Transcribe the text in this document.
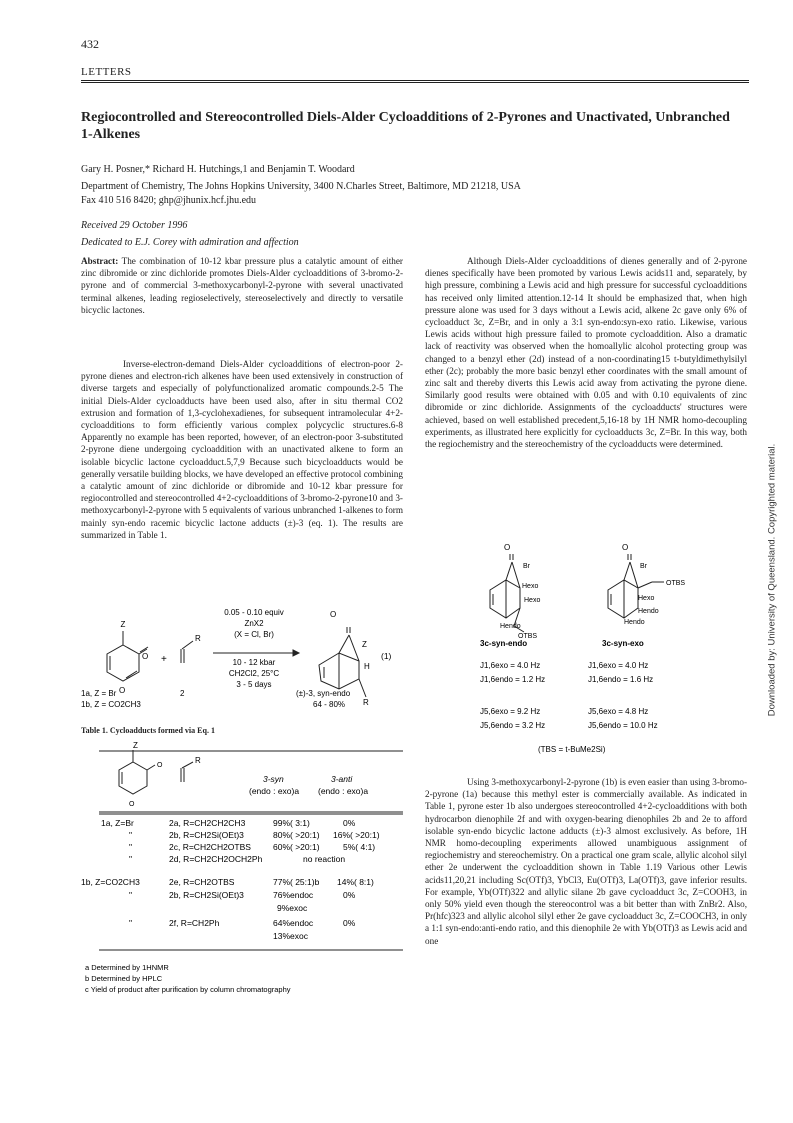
432
LETTERS
Regiocontrolled and Stereocontrolled Diels-Alder Cycloadditions of 2-Pyrones and Unactivated, Unbranched 1-Alkenes
Gary H. Posner,* Richard H. Hutchings,1 and Benjamin T. Woodard
Department of Chemistry, The Johns Hopkins University, 3400 N.Charles Street, Baltimore, MD 21218, USA
Fax 410 516 8420; ghp@jhunix.hcf.jhu.edu
Received 29 October 1996
Dedicated to E.J. Corey with admiration and affection
Abstract: The combination of 10-12 kbar pressure plus a catalytic amount of either zinc dibromide or zinc dichloride promotes Diels-Alder cycloadditions of 3-bromo-2-pyrone and of commercial 3-methoxycarbonyl-2-pyrone with several unactivated terminal alkenes, leading regioselectively, stereoselectively and directly to versatile bicyclic lactones.
Inverse-electron-demand Diels-Alder cycloadditions of electron-poor 2-pyrone dienes and electron-rich alkenes have been used extensively in construction of diverse targets and especially of polyfunctionalized aromatic compounds.2-5 The initial Diels-Alder cycloadducts have been used also, after in situ thermal CO2 extrusion and formation of 1,3-cyclohexadienes, for subsequent intramolecular 4+2-cycloadditions to form efficiently various complex polycyclic structures.6-8 Apparently no example has been reported, however, of an electron-poor 3-substituted 2-pyrone diene undergoing cycloaddition with an unactivated alkene to form an isolable bicyclic lactone cycloadduct.5,7,9 Because such bicycloadducts would be generally versatile building blocks, we have developed an effective protocol combining a catalytic amount of zinc dichloride or dibromide and 10-12 kbar pressure for regiocontrolled and stereocontrolled 4+2-cycloadditions of 3-bromo-2-pyrone10 and 3-methoxycarbonyl-2-pyrone with 5 equivalents of various unbranched 1-alkenes to form mainly syn-endo racemic bicyclic lactone adducts (±)-3 (eq. 1). The results are summarized in Table 1.
Although Diels-Alder cycloadditions of dienes generally and of 2-pyrone dienes specifically have been promoted by various Lewis acids11 and, separately, by high pressure, combining a Lewis acid and high pressure for successful cycloadditions has received only limited attention.12-14 It should be emphasized that, when high pressure alone was used for 3 days without a Lewis acid, alkene 2c gave only 6% of cycloadduct 3c, Z=Br, and in only a 3:1 syn-endo:syn-exo ratio. Likewise, various Lewis acids without high pressure failed to promote cycloaddition. Also a dramatic lack of reactivity was observed when the homoallylic alcohol protecting group was changed to a benzyl ether (2d) instead of a non-coordinating15 t-butyldimethylsilyl ether (2c); probably the more basic benzyl ether coordinates with the small amount of zinc salt and thereby diverts this Lewis acid away from activating the pyrone diene. Similarly good results were obtained with 0.05 and with 0.10 equivalents of zinc dibromide or zinc dichloride. Assignments of the cycloadducts' structures were achieved, based on well established precedent,5,16-18 by 1H NMR homo-decoupling experiments, as illustrated here explicitly for cycloadducts 3c, Z=Br. In this way, both the regiochemistry and the stereochemistry of the cycloadducts were determined.
Using 3-methoxycarbonyl-2-pyrone (1b) is even easier than using 3-bromo-2-pyrone (1a) because this methyl ester is commercially available. As indicated in Table 1, pyrone ester 1b also undergoes stereocontrolled 4+2-cycloadditions with both hydrocarbon dienophile 2f and with oxygen-bearing dienophiles 2b and 2e to afford isolable syn-endo bicyclic lactone adducts (±)-3 almost exclusively. As before, 1H NMR homo-decoupling experiments allowed unambiguous assignment of regiochemistry and stereochemistry. On a practical one gram scale, allylic alcohol silyl ether 2e underwent the cycloaddition shown in Table 1.19 Various other Lewis acids11,20,21 including Sc(OTf)3, YbCl3, Eu(OTf)3, La(OTf)3, gave inferior results. For example, Yb(OTf)322 and allylic silane 2b gave cycloadduct 3c, Z=COOH3, in only 50% yield even though the stereocontrol was a bit better than with ZnBr2. Also, Pr(hfc)323 and allylic alcohol silyl ether 2e gave cycloadduct 3c, Z=COOCH3, in only a 1:1 syn-endo:anti-endo ratio, and this dienophile 2e with Yb(OTf)3 as Lewis acid and one
Z
O
O
+
R
0.05 - 0.10 equiv
ZnX2
(X = Cl, Br)
10 - 12 kbar
CH2Cl2, 25°C
3 - 5 days
O
Z
H
R
(1)
1a, Z = Br
1b, Z = CO2CH3
2	(±)-3, syn-endo
64 - 80%
Table 1. Cycloadducts formed via Eq. 1
Z
O
O
R
3-syn	3-anti
(endo : exo)a (endo : exo)a
1a, Z=Br	2a, R=CH2CH2CH3	99%( 3:1)	0%
"	2b, R=CH2Si(OEt)3	80%( >20:1) 16%( >20:1)
"	2c, R=CH2CH2OTBS	60%( >20:1)	5%( 4:1)
"	2d, R=CH2CH2OCH2Ph	no reaction
1b, Z=CO2CH3	2e, R=CH2OTBS	77%( 25:1)b 14%( 8:1)
"	2b, R=CH2Si(OEt)3	76%endoc	0%
9%exoc
"	2f, R=CH2Ph	64%endoc	0%
13%exoc
a Determined by 1HNMR
b Determined by HPLC
c Yield of product after purification by column chromatography
O
Br
Hexo
Hexo
Hendo
OTBS
3c-syn-endo
O
Br
OTBS
Hexo
Hendo
Hendo
3c-syn-exo
J1,6exo = 4.0 Hz
J1,6endo = 1.2 Hz
J5,6exo = 9.2 Hz
J5,6endo = 3.2 Hz
J1,6exo = 4.0 Hz
J1,6endo = 1.6 Hz
J5,6exo = 4.8 Hz
J5,6endo = 10.0 Hz
(TBS = t-BuMe2Si)
Downloaded by: University of Queensland. Copyrighted material.
